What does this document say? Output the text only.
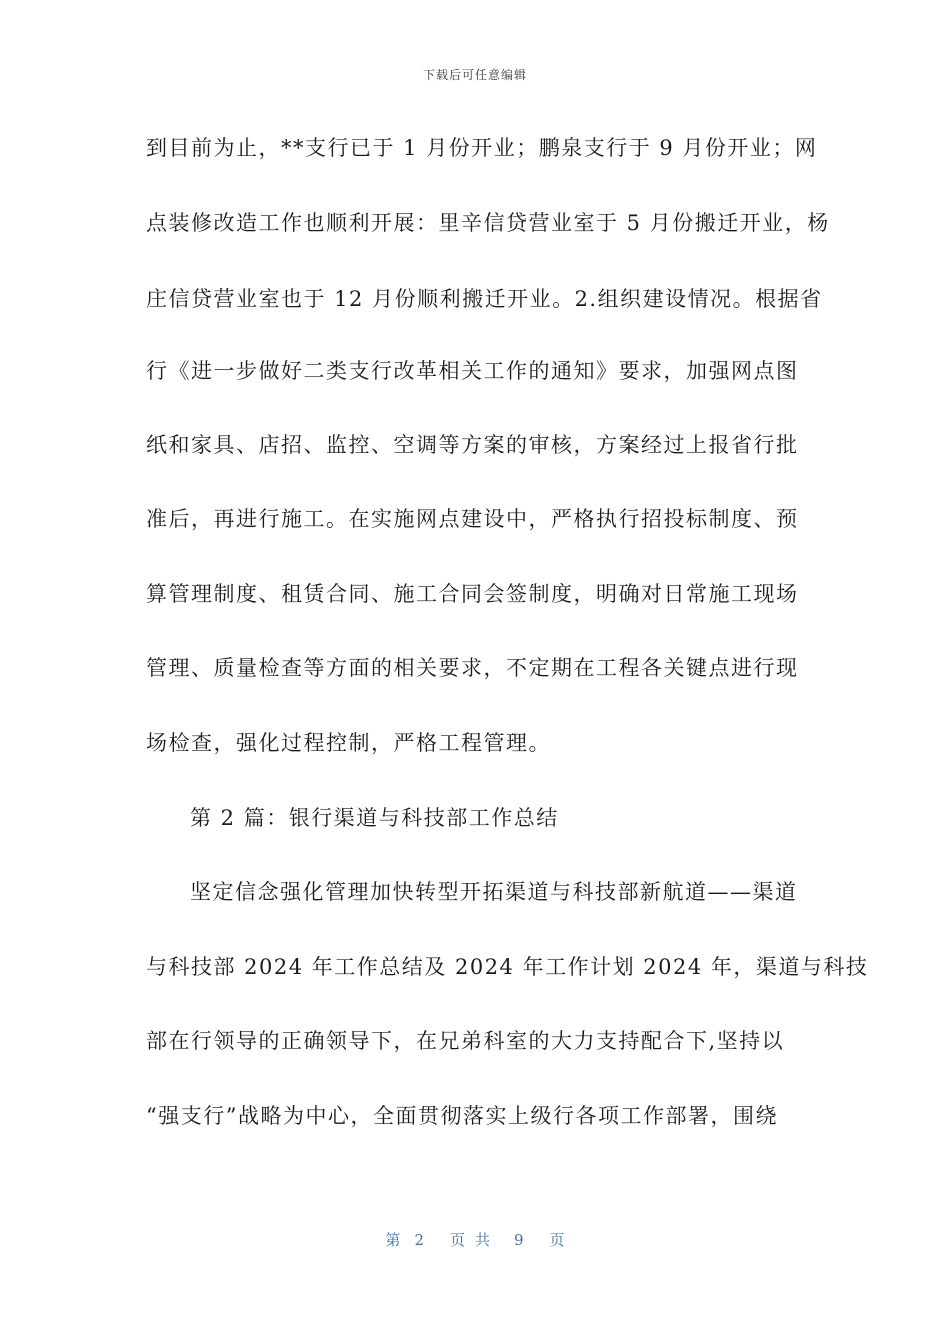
下载后可任意编辑
到目前为止，**支行已于 1 月份开业；鹏泉支行于 9 月份开业；网
点装修改造工作也顺利开展：里辛信贷营业室于 5 月份搬迁开业，杨
庄信贷营业室也于 12 月份顺利搬迁开业。2.组织建设情况。根据省
行《进一步做好二类支行改革相关工作的通知》要求，加强网点图
纸和家具、店招、监控、空调等方案的审核，方案经过上报省行批
准后，再进行施工。在实施网点建设中，严格执行招投标制度、预
算管理制度、租赁合同、施工合同会签制度，明确对日常施工现场
管理、质量检查等方面的相关要求，不定期在工程各关键点进行现
场检查，强化过程控制，严格工程管理。
第 2 篇：银行渠道与科技部工作总结
坚定信念强化管理加快转型开拓渠道与科技部新航道——渠道
与科技部 2024 年工作总结及 2024 年工作计划 2024 年，渠道与科技
部在行领导的正确领导下，在兄弟科室的大力支持配合下,坚持以
“强支行”战略为中心，全面贯彻落实上级行各项工作部署，围绕
第 2 页共 9 页
